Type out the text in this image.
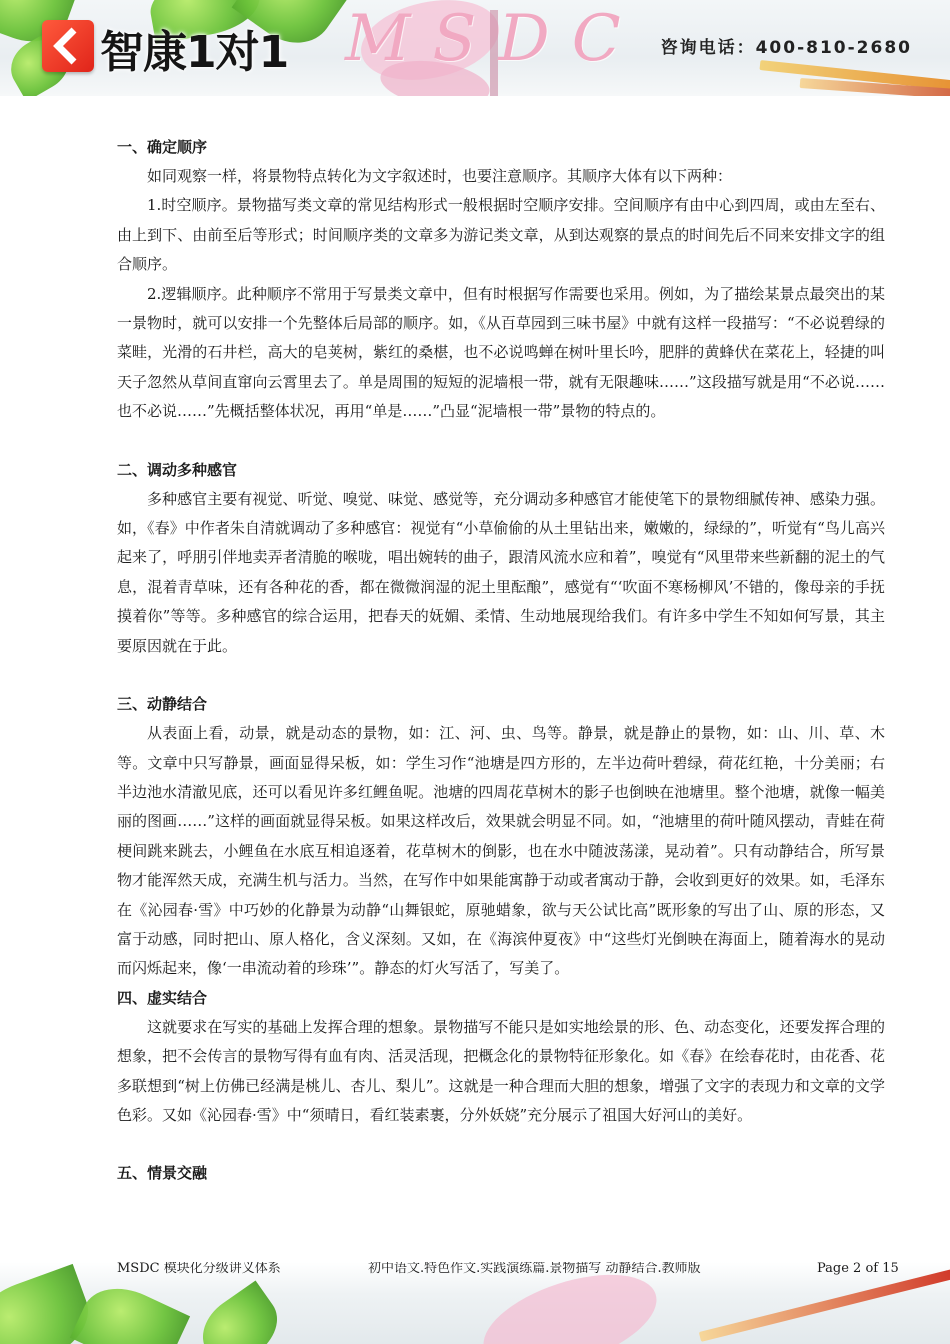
智康1对1 MSDC 咨询电话：400-810-2680
一、确定顺序

如同观察一样，将景物特点转化为文字叙述时，也要注意顺序。其顺序大体有以下两种：

1.时空顺序。景物描写类文章的常见结构形式一般根据时空顺序安排。空间顺序有由中心到四周，或由左至右、由上到下、由前至后等形式；时间顺序类的文章多为游记类文章，从到达观察的景点的时间先后不同来安排文字的组合顺序。

2.逻辑顺序。此种顺序不常用于写景类文章中，但有时根据写作需要也采用。例如，为了描绘某景点最突出的某一景物时，就可以安排一个先整体后局部的顺序。如，《从百草园到三味书屋》中就有这样一段描写：“不必说碧绿的菜畦，光滑的石井栏，高大的皂荚树，紫红的桑椹，也不必说鸣蝉在树叶里长吟，肥胖的黄蜂伏在菜花上，轻捷的叫天子忽然从草间直窜向云霄里去了。单是周围的短短的泥墙根一带，就有无限趣味……”这段描写就是用“不必说……也不必说……”先概括整体状况，再用“单是……”凸显“泥墙根一带”景物的特点的。

二、调动多种感官

多种感官主要有视觉、听觉、嗅觉、味觉、感觉等，充分调动多种感官才能使笔下的景物细腻传神、感染力强。如，《春》中作者朱自清就调动了多种感官：视觉有“小草偷偷的从土里钻出来，嫩嫩的，绿绿的”，听觉有“鸟儿高兴起来了，呼朋引伴地卖弄者清脆的喉咙，唱出婉转的曲子，跟清风流水应和着”，嗅觉有“风里带来些新翻的泥土的气息，混着青草味，还有各种花的香，都在微微润湿的泥土里酝酿”，感觉有“‘吹面不寒杨柳风’不错的，像母亲的手抚摸着你”等等。多种感官的综合运用，把春天的妩媚、柔情、生动地展现给我们。有许多中学生不知如何写景，其主要原因就在于此。

三、动静结合

从表面上看，动景，就是动态的景物，如：江、河、虫、鸟等。静景，就是静止的景物，如：山、川、草、木等。文章中只写静景，画面显得呆板，如：学生习作“池塘是四方形的，左半边荷叶碧绿，荷花红艳，十分美丽；右半边池水清澈见底，还可以看见许多红鲤鱼呢。池塘的四周花草树木的影子也倒映在池塘里。整个池塘，就像一幅美丽的图画……”这样的画面就显得呆板。如果这样改后，效果就会明显不同。如，“池塘里的荷叶随风摆动，青蛙在荷梗间跳来跳去，小鲤鱼在水底互相追逐着，花草树木的倒影，也在水中随波荡漾，晃动着”。只有动静结合，所写景物才能浑然天成，充满生机与活力。当然，在写作中如果能寓静于动或者寓动于静，会收到更好的效果。如，毛泽东在《沁园春·雪》中巧妙的化静景为动静“山舞银蛇，原驰蜡象，欲与天公试比高”既形象的写出了山、原的形态，又富于动感，同时把山、原人格化，含义深刻。又如，在《海滨仲夏夜》中“这些灯光倒映在海面上，随着海水的晃动而闪烁起来，像‘一串流动着的珍珠’”。静态的灯火写活了，写美了。

四、虚实结合

这就要求在写实的基础上发挥合理的想象。景物描写不能只是如实地绘景的形、色、动态变化，还要发挥合理的想象，把不会传言的景物写得有血有肉、活灵活现，把概念化的景物特征形象化。如《春》在绘春花时，由花香、花多联想到“树上仿佛已经满是桃儿、杏儿、梨儿”。这就是一种合理而大胆的想象，增强了文字的表现力和文章的文学色彩。又如《沁园春·雪》中“须晴日，看红装素裹，分外妖娆”充分展示了祖国大好河山的美好。

五、情景交融
MSDC 模块化分级讲义体系	初中语文.特色作文.实践演练篇.景物描写 动静结合.教师版	Page 2 of 15
